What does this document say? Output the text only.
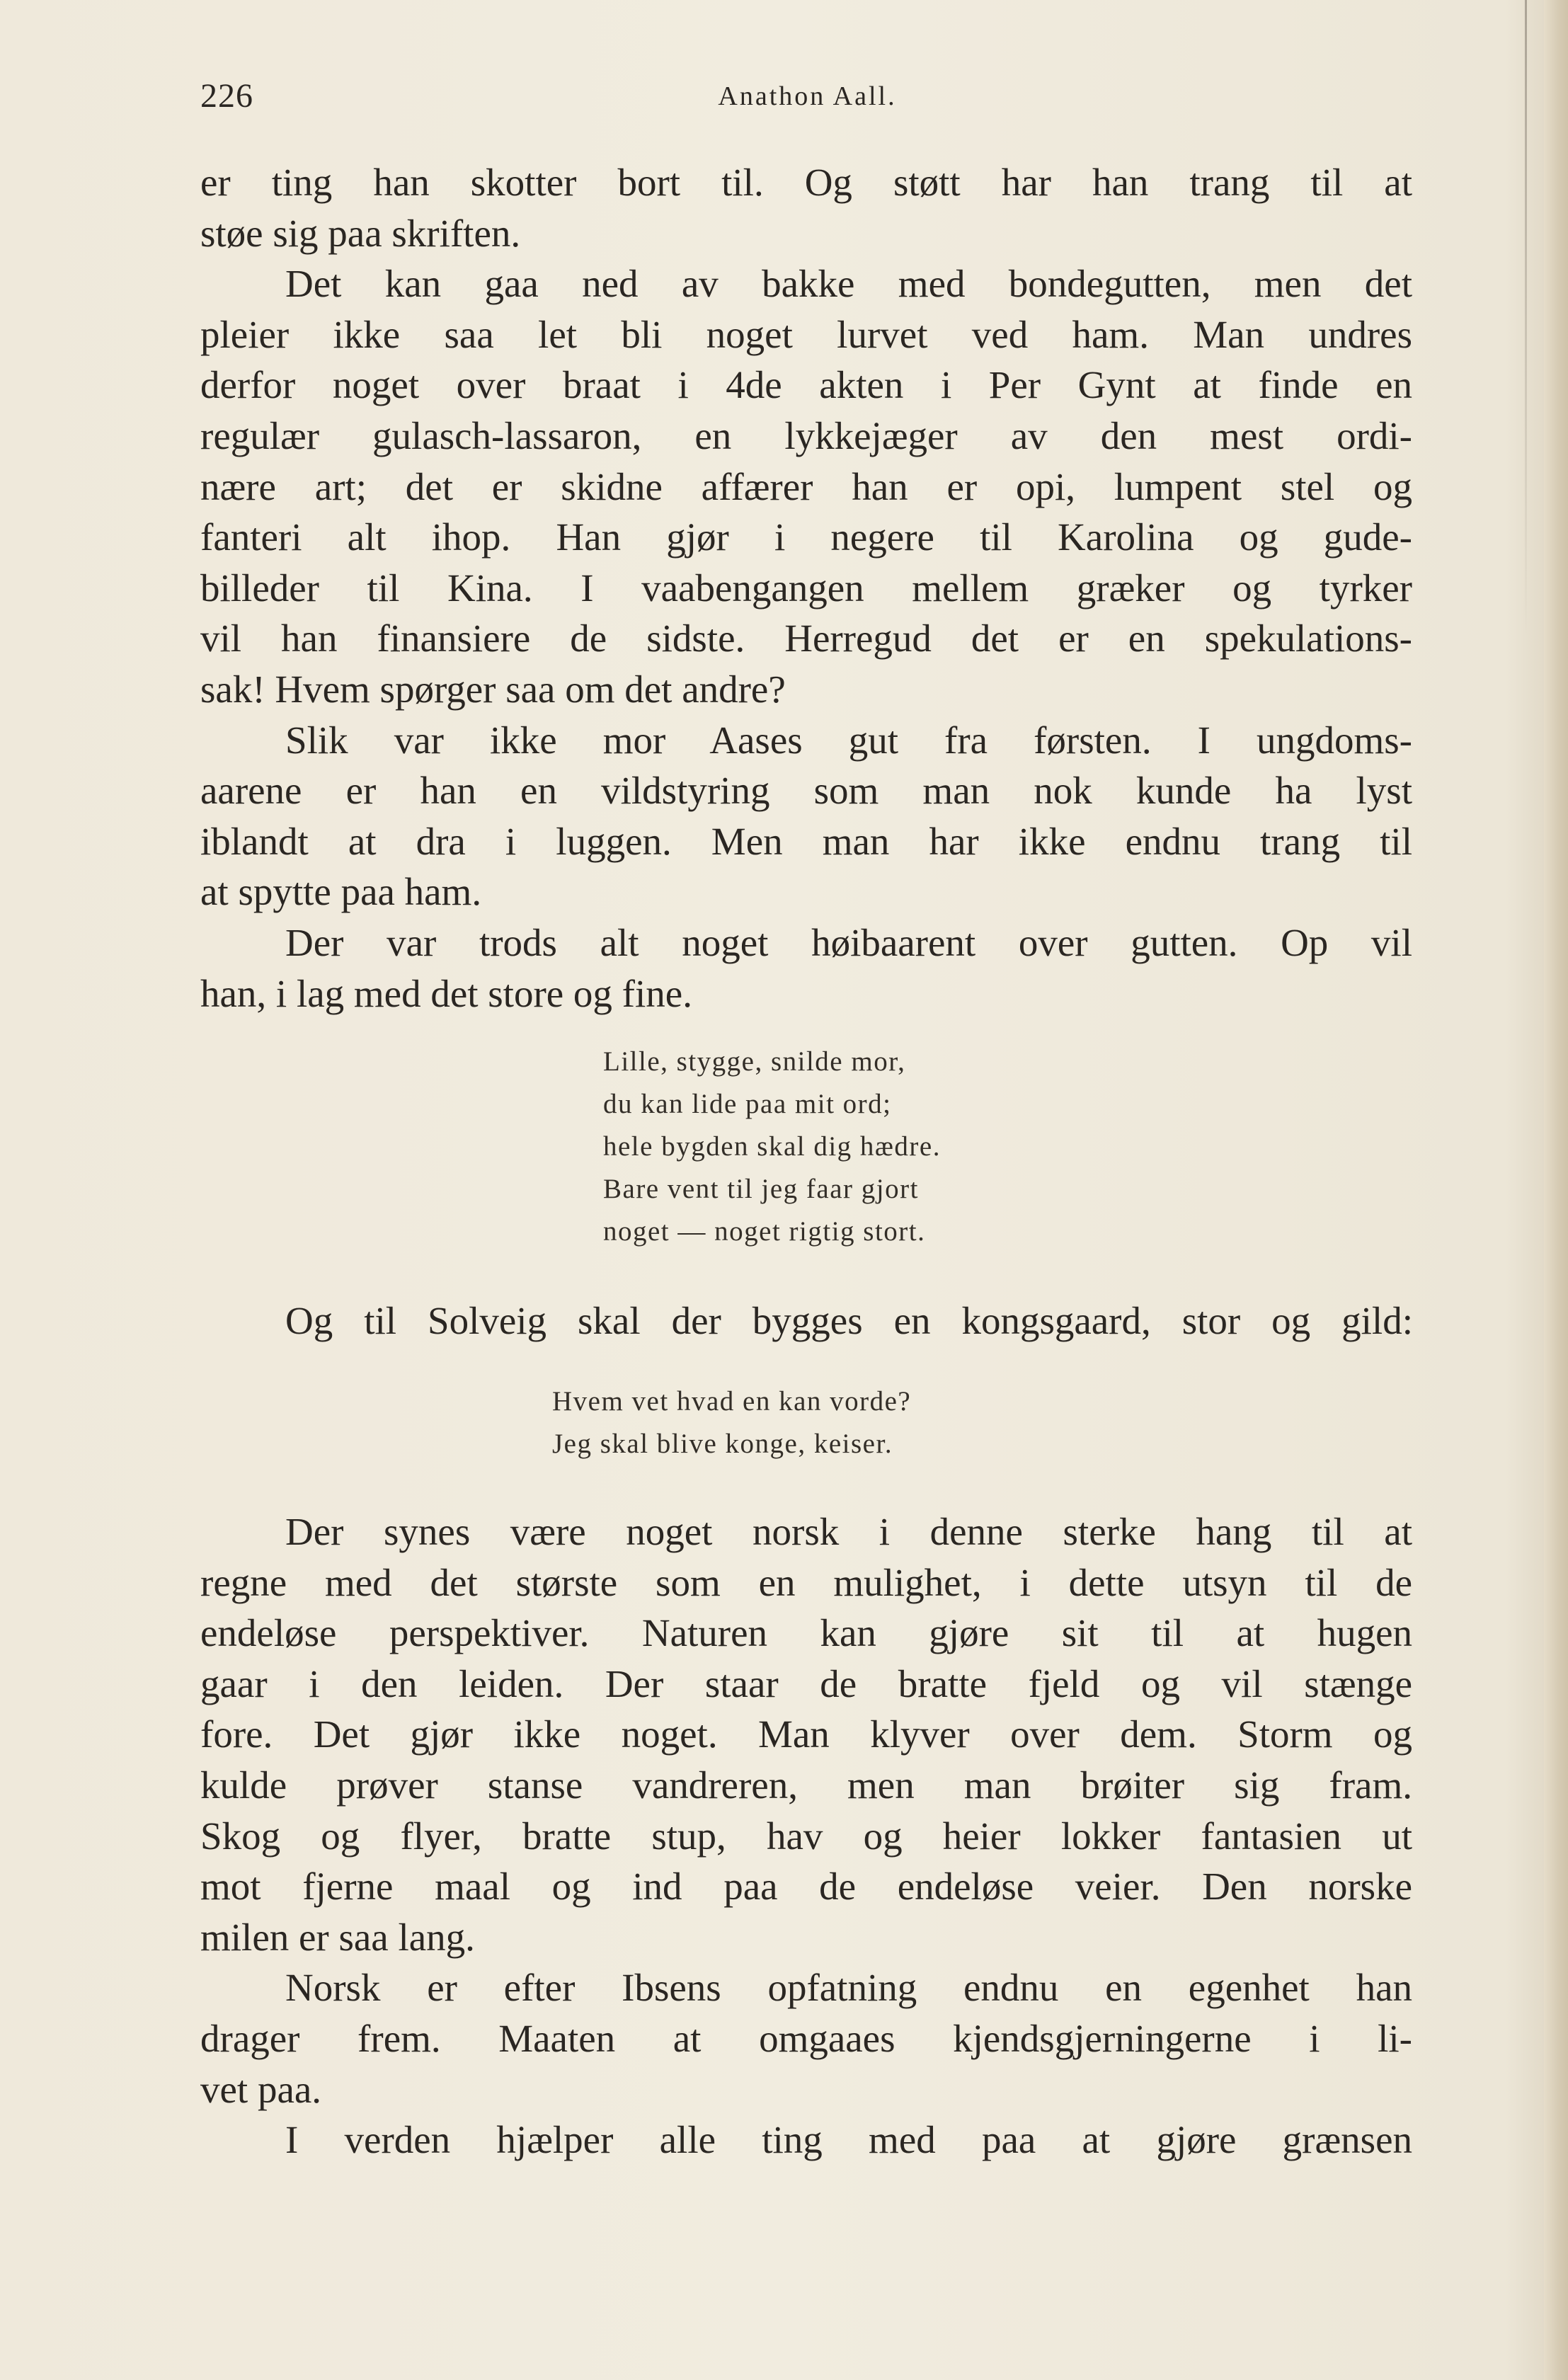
226	Anathon Aall.
er ting han skotter bort til. Og støtt har han trang til at
støe sig paa skriften.
Det kan gaa ned av bakke med bondegutten, men det
pleier ikke saa let bli noget lurvet ved ham. Man undres
derfor noget over braat i 4de akten i Per Gynt at finde en
regulær gulasch-lassaron, en lykkejæger av den mest ordi-
nære art; det er skidne affærer han er opi, lumpent stel og
fanteri alt ihop. Han gjør i negere til Karolina og gude-
billeder til Kina. I vaabengangen mellem græker og tyrker
vil han finansiere de sidste. Herregud det er en spekulations-
sak! Hvem spørger saa om det andre?
Slik var ikke mor Aases gut fra førsten. I ungdoms-
aarene er han en vildstyring som man nok kunde ha lyst
iblandt at dra i luggen. Men man har ikke endnu trang til
at spytte paa ham.
Der var trods alt noget høibaarent over gutten. Op vil
han, i lag med det store og fine.
Lille, stygge, snilde mor,
du kan lide paa mit ord;
hele bygden skal dig hædre.
Bare vent til jeg faar gjort
noget — noget rigtig stort.
Og til Solveig skal der bygges en kongsgaard, stor og gild:
Hvem vet hvad en kan vorde?
Jeg skal blive konge, keiser.
Der synes være noget norsk i denne sterke hang til at
regne med det største som en mulighet, i dette utsyn til de
endeløse perspektiver. Naturen kan gjøre sit til at hugen
gaar i den leiden. Der staar de bratte fjeld og vil stænge
fore. Det gjør ikke noget. Man klyver over dem. Storm og
kulde prøver stanse vandreren, men man brøiter sig fram.
Skog og flyer, bratte stup, hav og heier lokker fantasien ut
mot fjerne maal og ind paa de endeløse veier. Den norske
milen er saa lang.
Norsk er efter Ibsens opfatning endnu en egenhet han
drager frem. Maaten at omgaaes kjendsgjerningerne i li-
vet paa.
I verden hjælper alle ting med paa at gjøre grænsen
